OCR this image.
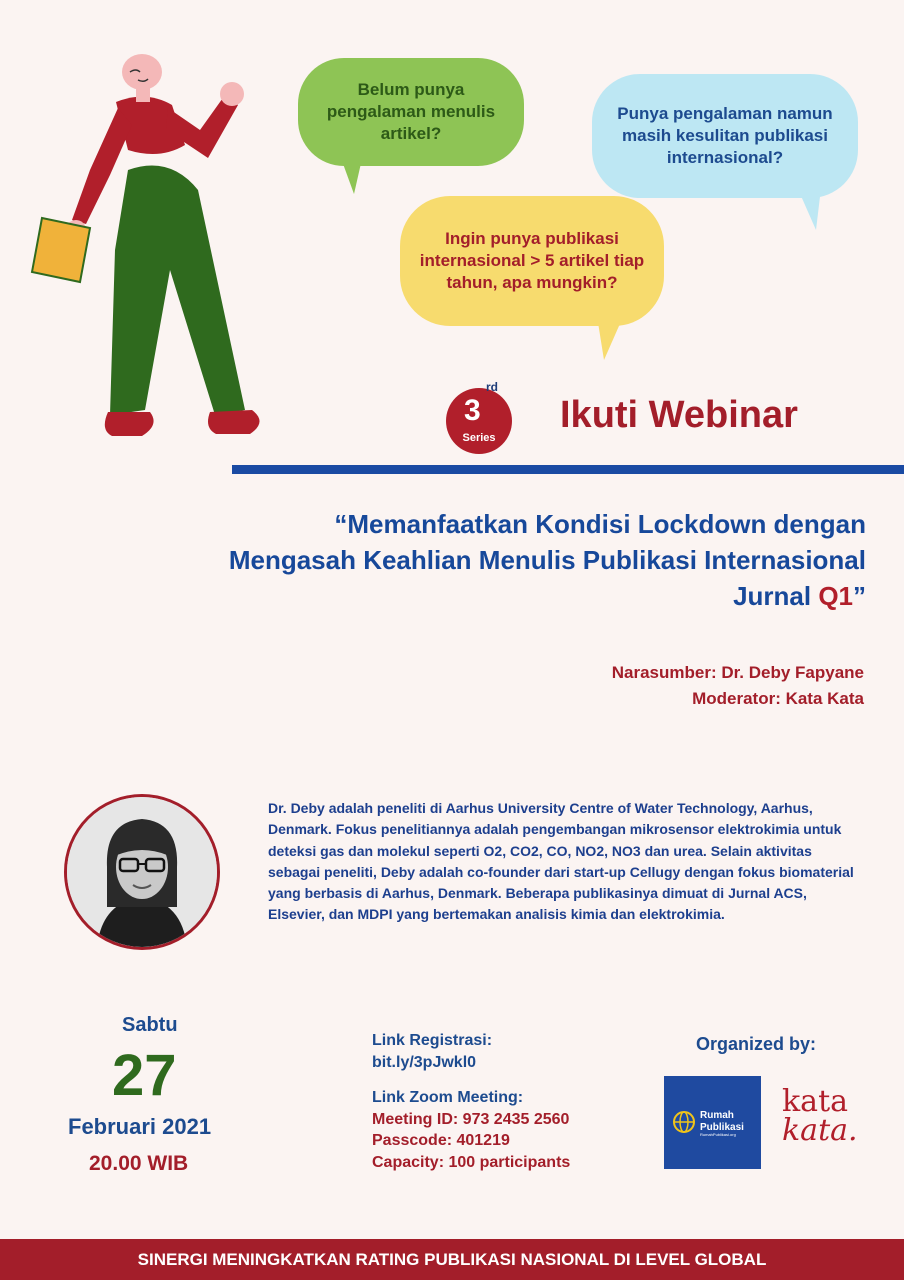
Belum punya pengalaman menulis artikel?
Punya pengalaman namun masih kesulitan publikasi internasional?
Ingin punya publikasi internasional > 5 artikel tiap tahun, apa mungkin?
3
rd
Series
Ikuti Webinar
“Memanfaatkan Kondisi Lockdown dengan
Mengasah Keahlian Menulis Publikasi Internasional
Jurnal Q1”
Narasumber: Dr. Deby Fapyane
Moderator: Kata Kata
Dr. Deby adalah peneliti di Aarhus University Centre of Water Technology, Aarhus, Denmark. Fokus penelitiannya adalah pengembangan mikrosensor elektrokimia untuk deteksi gas dan molekul seperti O2, CO2, CO, NO2, NO3 dan urea. Selain aktivitas sebagai peneliti, Deby adalah co-founder dari start-up Cellugy dengan fokus biomaterial yang berbasis di Aarhus, Denmark. Beberapa publikasinya dimuat di Jurnal ACS, Elsevier, dan MDPI yang bertemakan analisis kimia dan elektrokimia.
Sabtu
27
Februari 2021
20.00 WIB
Link Registrasi:
bit.ly/3pJwkl0
Link Zoom Meeting:
Meeting ID: 973 2435 2560
Passcode: 401219
Capacity: 100 participants
Organized by:
Rumah
Publikasi
RumahPublikasi.org
kata
kata.
SINERGI MENINGKATKAN RATING PUBLIKASI NASIONAL DI LEVEL GLOBAL
